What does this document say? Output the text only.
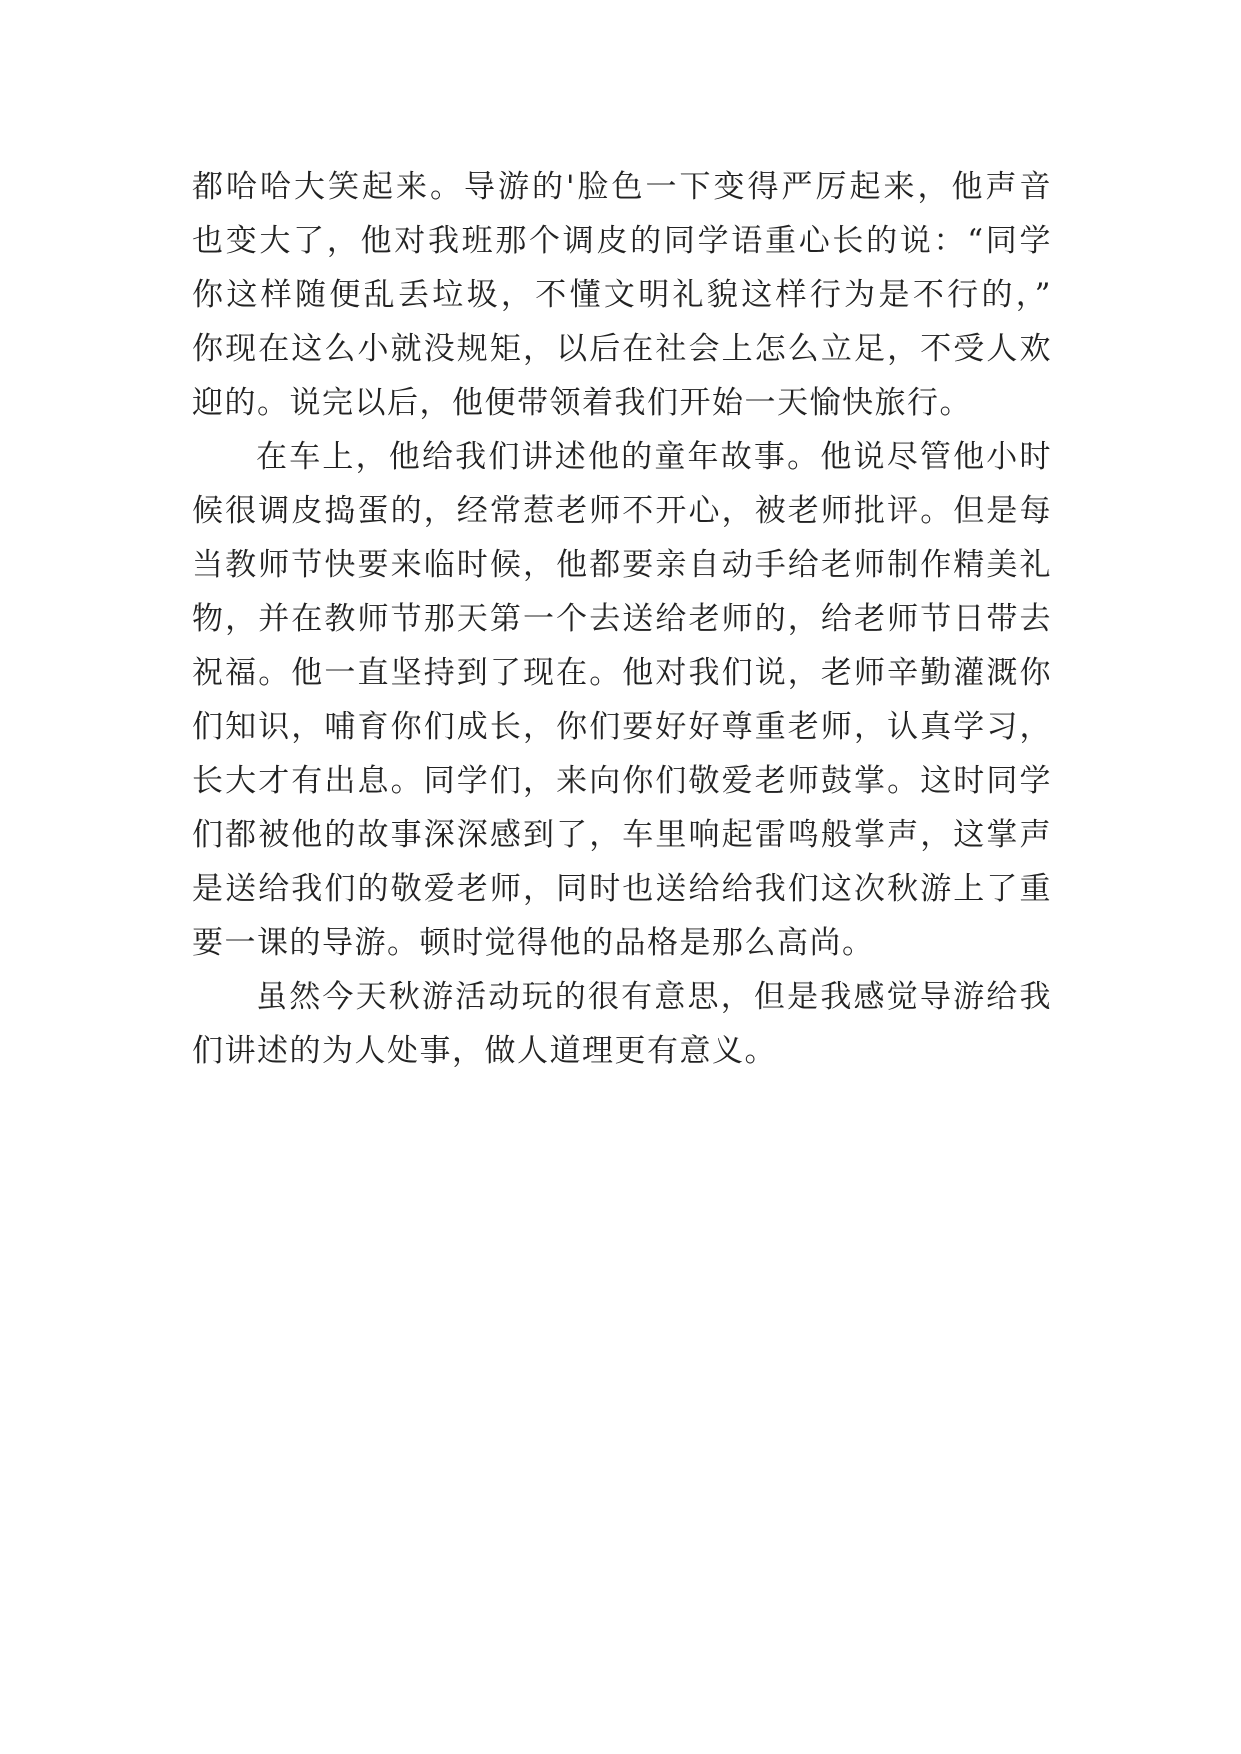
都哈哈大笑起来。导游的'脸色一下变得严厉起来，他声音
也变大了，他对我班那个调皮的同学语重心长的说：“同学
你这样随便乱丢垃圾，不懂文明礼貌这样行为是不行的，”
你现在这么小就没规矩，以后在社会上怎么立足，不受人欢
迎的。说完以后，他便带领着我们开始一天愉快旅行。
在车上，他给我们讲述他的童年故事。他说尽管他小时
候很调皮捣蛋的，经常惹老师不开心，被老师批评。但是每
当教师节快要来临时候，他都要亲自动手给老师制作精美礼
物，并在教师节那天第一个去送给老师的，给老师节日带去
祝福。他一直坚持到了现在。他对我们说，老师辛勤灌溉你
们知识，哺育你们成长，你们要好好尊重老师，认真学习，
长大才有出息。同学们，来向你们敬爱老师鼓掌。这时同学
们都被他的故事深深感到了，车里响起雷鸣般掌声，这掌声
是送给我们的敬爱老师，同时也送给给我们这次秋游上了重
要一课的导游。顿时觉得他的品格是那么高尚。
虽然今天秋游活动玩的很有意思，但是我感觉导游给我
们讲述的为人处事，做人道理更有意义。
